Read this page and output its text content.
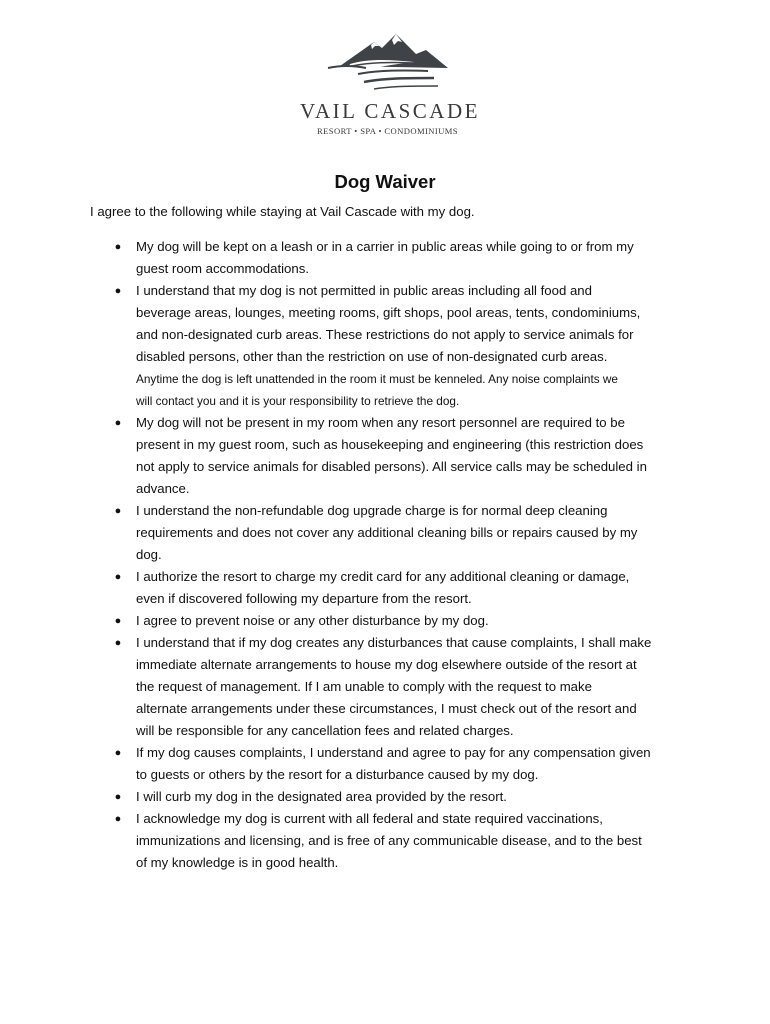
VAIL CASCADE
RESORT • SPA • CONDOMINIUMS
Dog Waiver
I agree to the following while staying at Vail Cascade with my dog.
● My dog will be kept on a leash or in a carrier in public areas while going to or from my
guest room accommodations.
● I understand that my dog is not permitted in public areas including all food and
beverage areas, lounges, meeting rooms, gift shops, pool areas, tents, condominiums,
and non-designated curb areas. These restrictions do not apply to service animals for
disabled persons, other than the restriction on use of non-designated curb areas.
Anytime the dog is left unattended in the room it must be kenneled. Any noise complaints we
will contact you and it is your responsibility to retrieve the dog.
● My dog will not be present in my room when any resort personnel are required to be
present in my guest room, such as housekeeping and engineering (this restriction does
not apply to service animals for disabled persons). All service calls may be scheduled in
advance.
● I understand the non-refundable dog upgrade charge is for normal deep cleaning
requirements and does not cover any additional cleaning bills or repairs caused by my
dog.
● I authorize the resort to charge my credit card for any additional cleaning or damage,
even if discovered following my departure from the resort.
● I agree to prevent noise or any other disturbance by my dog.
● I understand that if my dog creates any disturbances that cause complaints, I shall make
immediate alternate arrangements to house my dog elsewhere outside of the resort at
the request of management. If I am unable to comply with the request to make
alternate arrangements under these circumstances, I must check out of the resort and
will be responsible for any cancellation fees and related charges.
● If my dog causes complaints, I understand and agree to pay for any compensation given
to guests or others by the resort for a disturbance caused by my dog.
● I will curb my dog in the designated area provided by the resort.
● I acknowledge my dog is current with all federal and state required vaccinations,
immunizations and licensing, and is free of any communicable disease, and to the best
of my knowledge is in good health.
